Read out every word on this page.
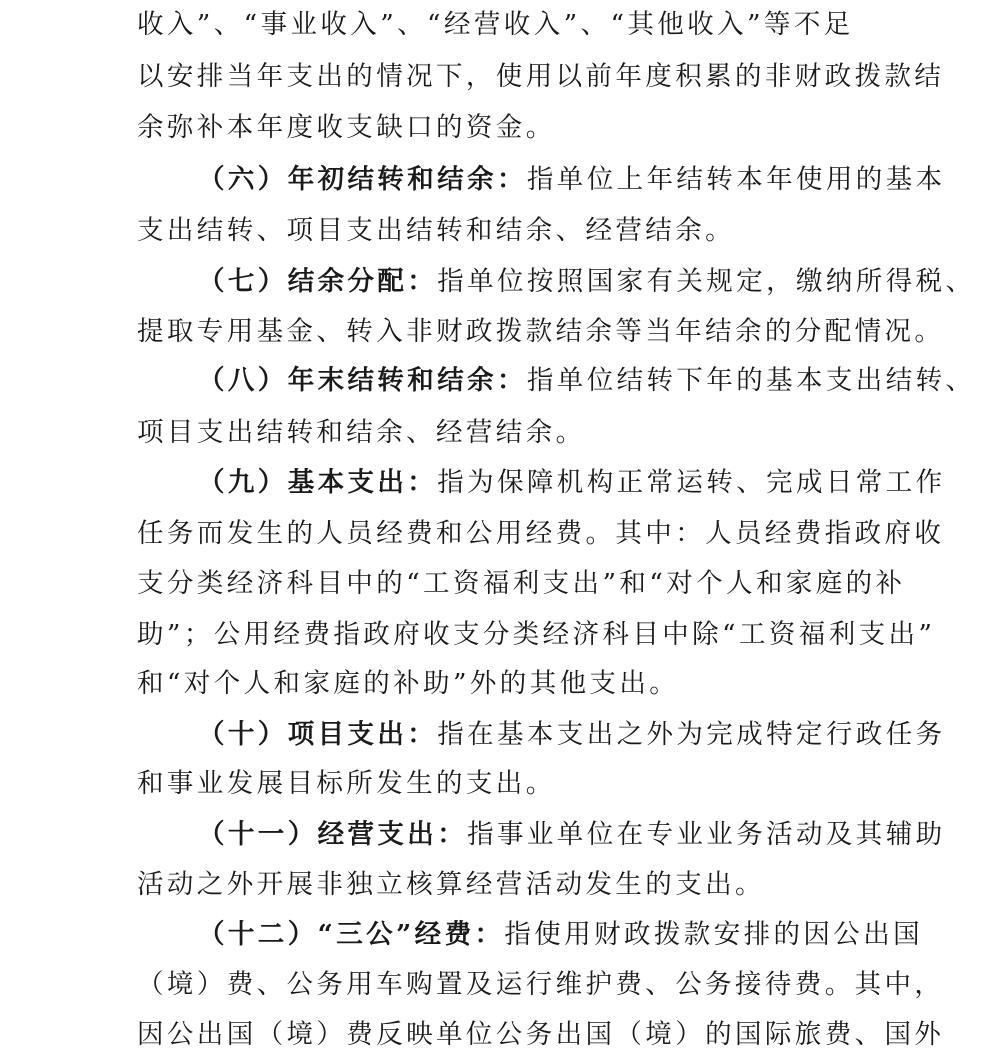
收入”、“事业收入”、“经营收入”、“其他收入”等不足
以安排当年支出的情况下，使用以前年度积累的非财政拨款结
余弥补本年度收支缺口的资金。
（六）年初结转和结余：指单位上年结转本年使用的基本
支出结转、项目支出结转和结余、经营结余。
（七）结余分配：指单位按照国家有关规定，缴纳所得税、
提取专用基金、转入非财政拨款结余等当年结余的分配情况。
（八）年末结转和结余：指单位结转下年的基本支出结转、
项目支出结转和结余、经营结余。
（九）基本支出：指为保障机构正常运转、完成日常工作
任务而发生的人员经费和公用经费。其中：人员经费指政府收
支分类经济科目中的“工资福利支出”和“对个人和家庭的补
助”；公用经费指政府收支分类经济科目中除“工资福利支出”
和“对个人和家庭的补助”外的其他支出。
（十）项目支出：指在基本支出之外为完成特定行政任务
和事业发展目标所发生的支出。
（十一）经营支出：指事业单位在专业业务活动及其辅助
活动之外开展非独立核算经营活动发生的支出。
（十二）“三公”经费：指使用财政拨款安排的因公出国
（境）费、公务用车购置及运行维护费、公务接待费。其中，
因公出国（境）费反映单位公务出国（境）的国际旅费、国外
